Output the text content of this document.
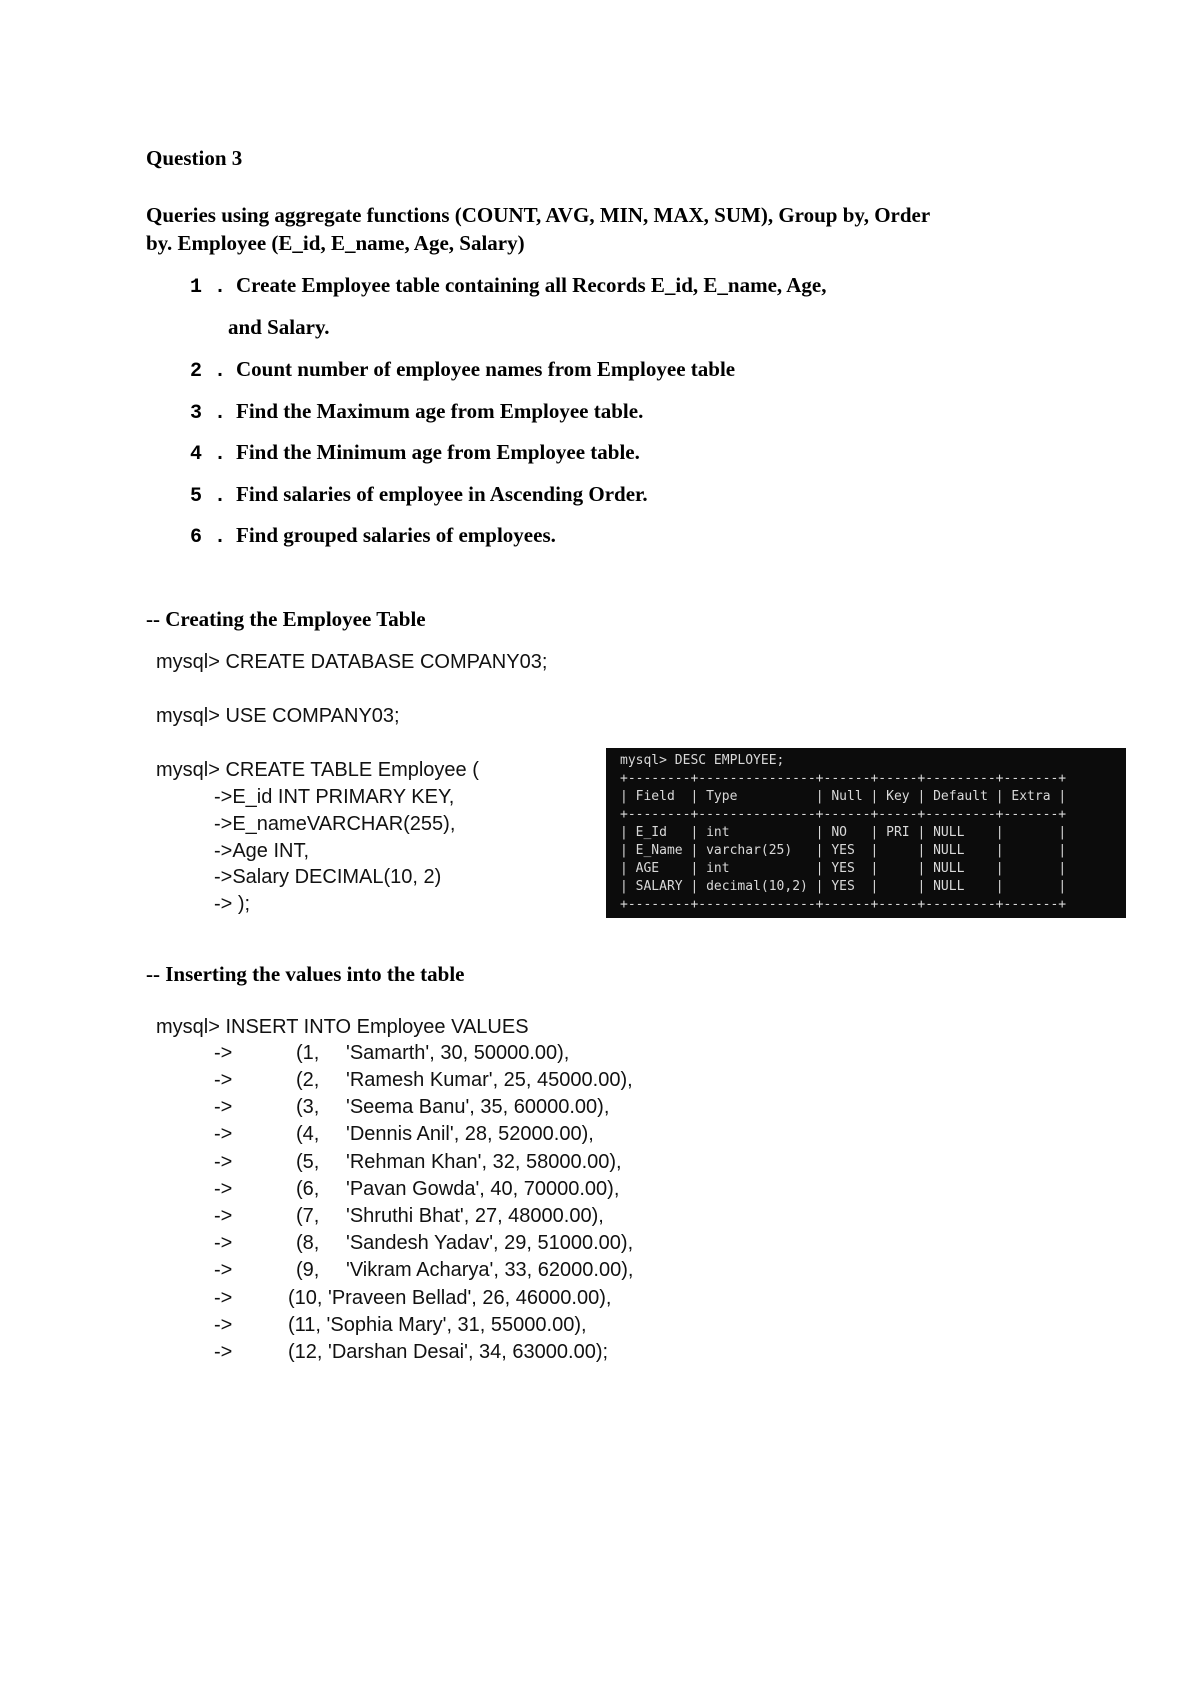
Question 3
Queries using aggregate functions (COUNT, AVG, MIN, MAX, SUM), Group by, Order
by. Employee (E_id, E_name, Age, Salary)
1 . Create Employee table containing all Records E_id, E_name, Age,
and Salary.
2 . Count number of employee names from Employee table
3 . Find the Maximum age from Employee table.
4 . Find the Minimum age from Employee table.
5 . Find salaries of employee in Ascending Order.
6 . Find grouped salaries of employees.
-- Creating the Employee Table
mysql> CREATE DATABASE COMPANY03;
mysql> USE COMPANY03;
mysql> CREATE TABLE Employee (
->E_id INT PRIMARY KEY,
->E_nameVARCHAR(255),
->Age INT,
->Salary DECIMAL(10, 2)
-> );
mysql> DESC EMPLOYEE;
+--------+---------------+------+-----+---------+-------+
| Field  | Type          | Null | Key | Default | Extra |
+--------+---------------+------+-----+---------+-------+
| E_Id   | int           | NO   | PRI | NULL    |       |
| E_Name | varchar(25)   | YES  |     | NULL    |       |
| AGE    | int           | YES  |     | NULL    |       |
| SALARY | decimal(10,2) | YES  |     | NULL    |       |
+--------+---------------+------+-----+---------+-------+
-- Inserting the values into the table
mysql> INSERT INTO Employee VALUES
->	(1, 'Samarth', 30, 50000.00),
->	(2, 'Ramesh Kumar', 25, 45000.00),
->	(3, 'Seema Banu', 35, 60000.00),
->	(4, 'Dennis Anil', 28, 52000.00),
->	(5, 'Rehman Khan', 32, 58000.00),
->	(6, 'Pavan Gowda', 40, 70000.00),
->	(7, 'Shruthi Bhat', 27, 48000.00),
->	(8, 'Sandesh Yadav', 29, 51000.00),
->	(9, 'Vikram Acharya', 33, 62000.00),
->	(10, 'Praveen Bellad', 26, 46000.00),
->	(11, 'Sophia Mary', 31, 55000.00),
->	(12, 'Darshan Desai', 34, 63000.00);
